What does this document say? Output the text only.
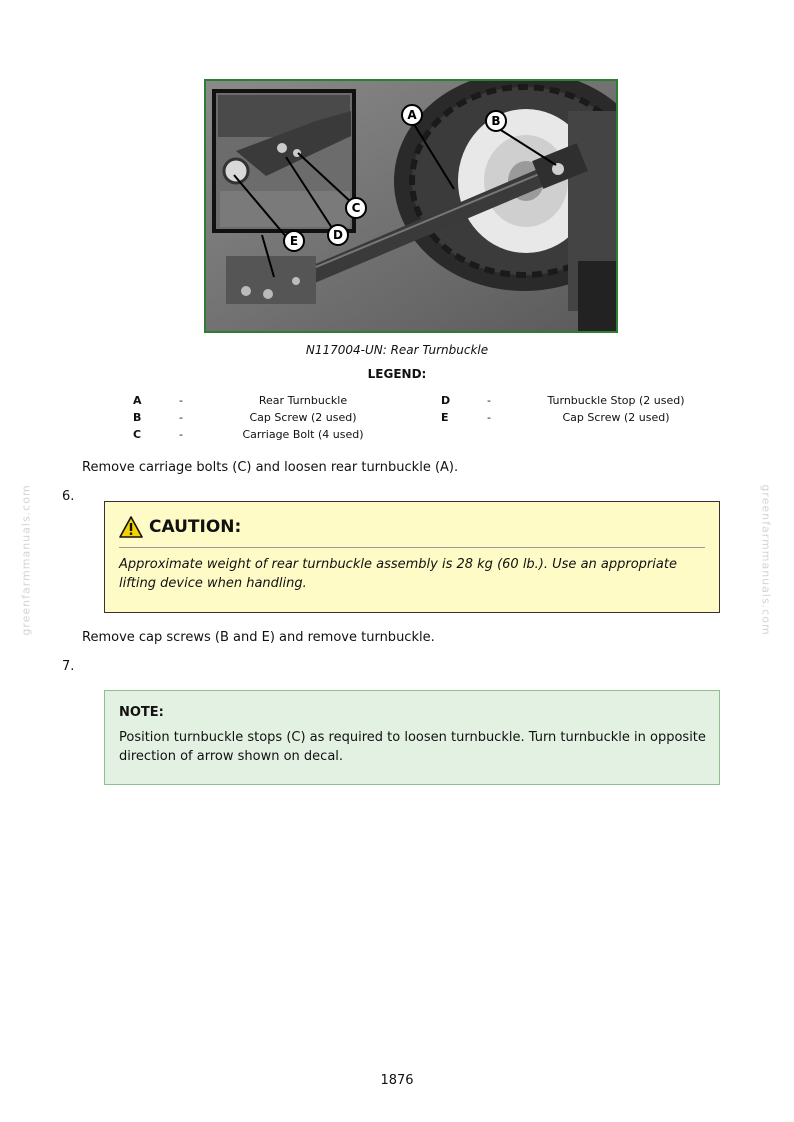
greenfarmmanuals.com	greenfarmmanuals.com
A	B
C
D
E
N117004-UN: Rear Turnbuckle
LEGEND:
A	-	Rear Turnbuckle
B	-	Cap Screw (2 used)
C	-	Carriage Bolt (4 used)
D	-	Turnbuckle Stop (2 used)
E	-	Cap Screw (2 used)
Remove carriage bolts (C) and loosen rear turnbuckle (A).
6.
CAUTION:
Approximate weight of rear turnbuckle assembly is 28 kg (60 lb.). Use an appropriate lifting device when handling.
Remove cap screws (B and E) and remove turnbuckle.
7.
NOTE:
Position turnbuckle stops (C) as required to loosen turnbuckle. Turn turnbuckle in opposite direction of arrow shown on decal.
1876
